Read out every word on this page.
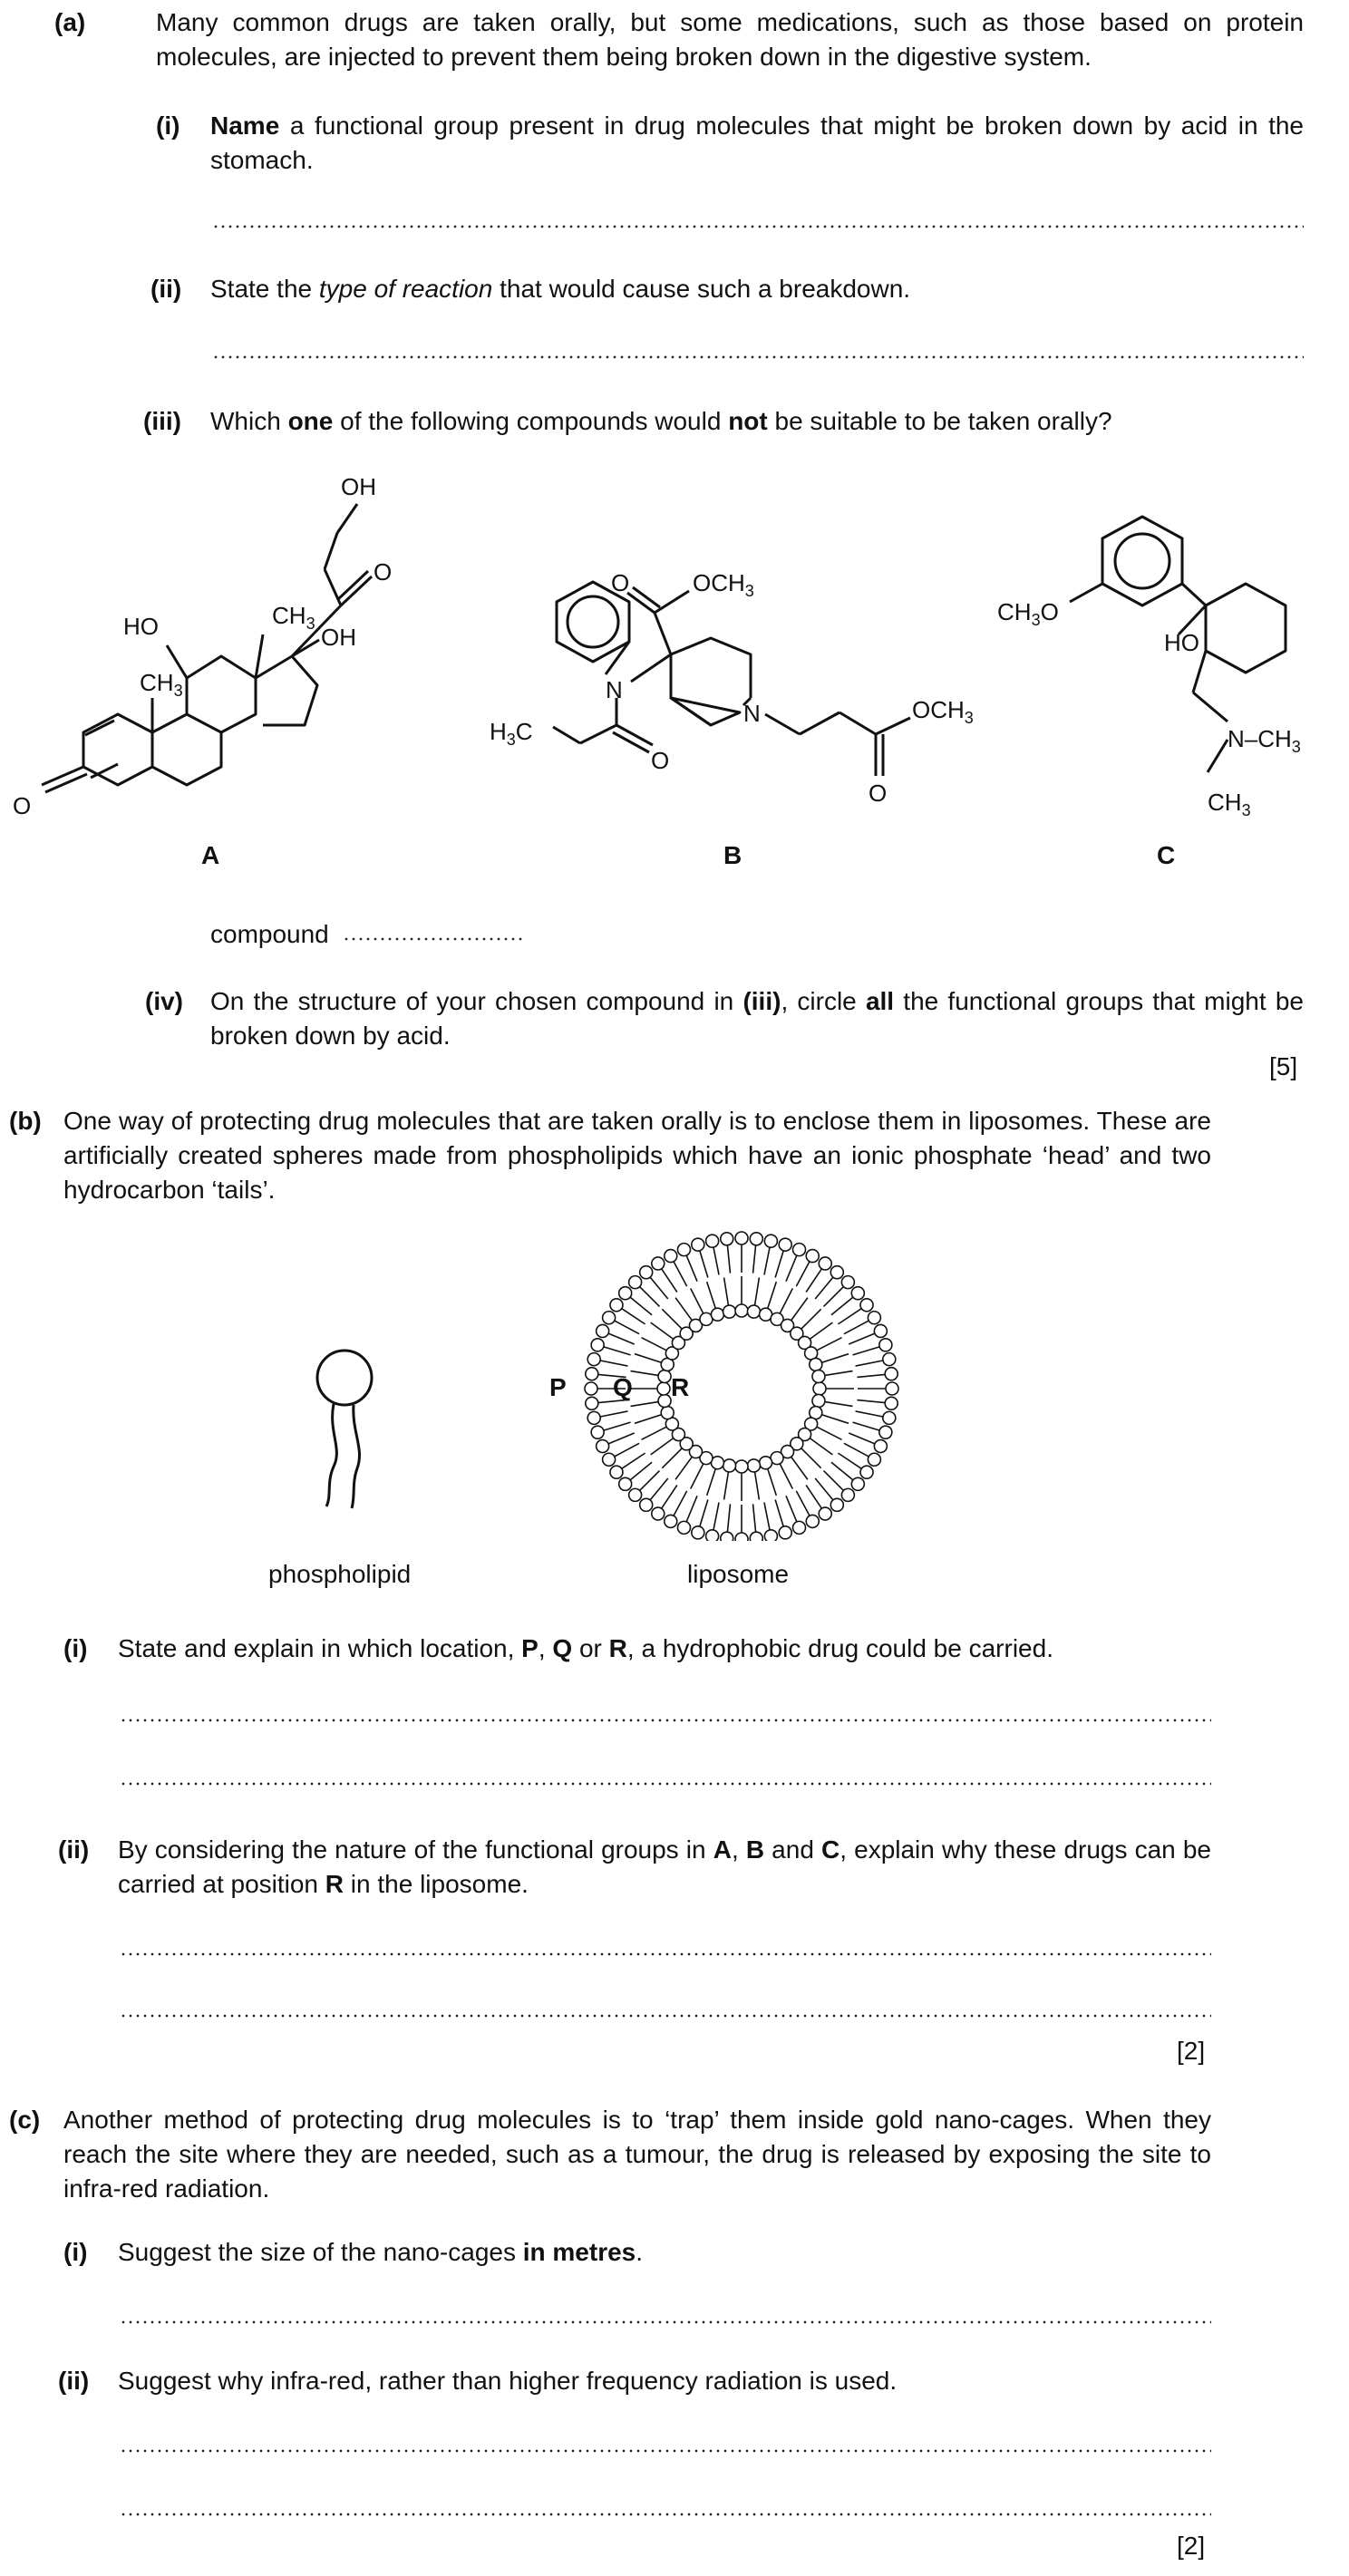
(a)	Many common drugs are taken orally, but some medications, such as those based on protein molecules, are injected to prevent them being broken down in the digestive system.
(i) Name a functional group present in drug molecules that might be broken down by acid in the stomach.
(ii) State the type of reaction that would cause such a breakdown.
(iii) Which one of the following compounds would not be suitable to be taken orally?
OH
O
$CH_3$ OH
HO
$CH_3$
O
O	$OCH_3$
N
$H_3C$
O
N	$OCH_3$
O
$CH_3O$
HO
$N-CH_3$
$CH_3$
A	B	C
compound
(iv) On the structure of your chosen compound in (iii), circle all the functional groups that might be broken down by acid.
[5]
(b) One way of protecting drug molecules that are taken orally is to enclose them in liposomes. These are artificially created spheres made from phospholipids which have an ionic phosphate ‘head’ and two hydrocarbon ‘tails’.
P Q R
phospholipid	liposome
(i) State and explain in which location, P, Q or R, a hydrophobic drug could be carried.
(ii) By considering the nature of the functional groups in A, B and C, explain why these drugs can be carried at position R in the liposome.
[2]
(c) Another method of protecting drug molecules is to ‘trap’ them inside gold nano-cages. When they reach the site where they are needed, such as a tumour, the drug is released by exposing the site to infra-red radiation.
(i) Suggest the size of the nano-cages in metres.
(ii) Suggest why infra-red, rather than higher frequency radiation is used.
[2]
